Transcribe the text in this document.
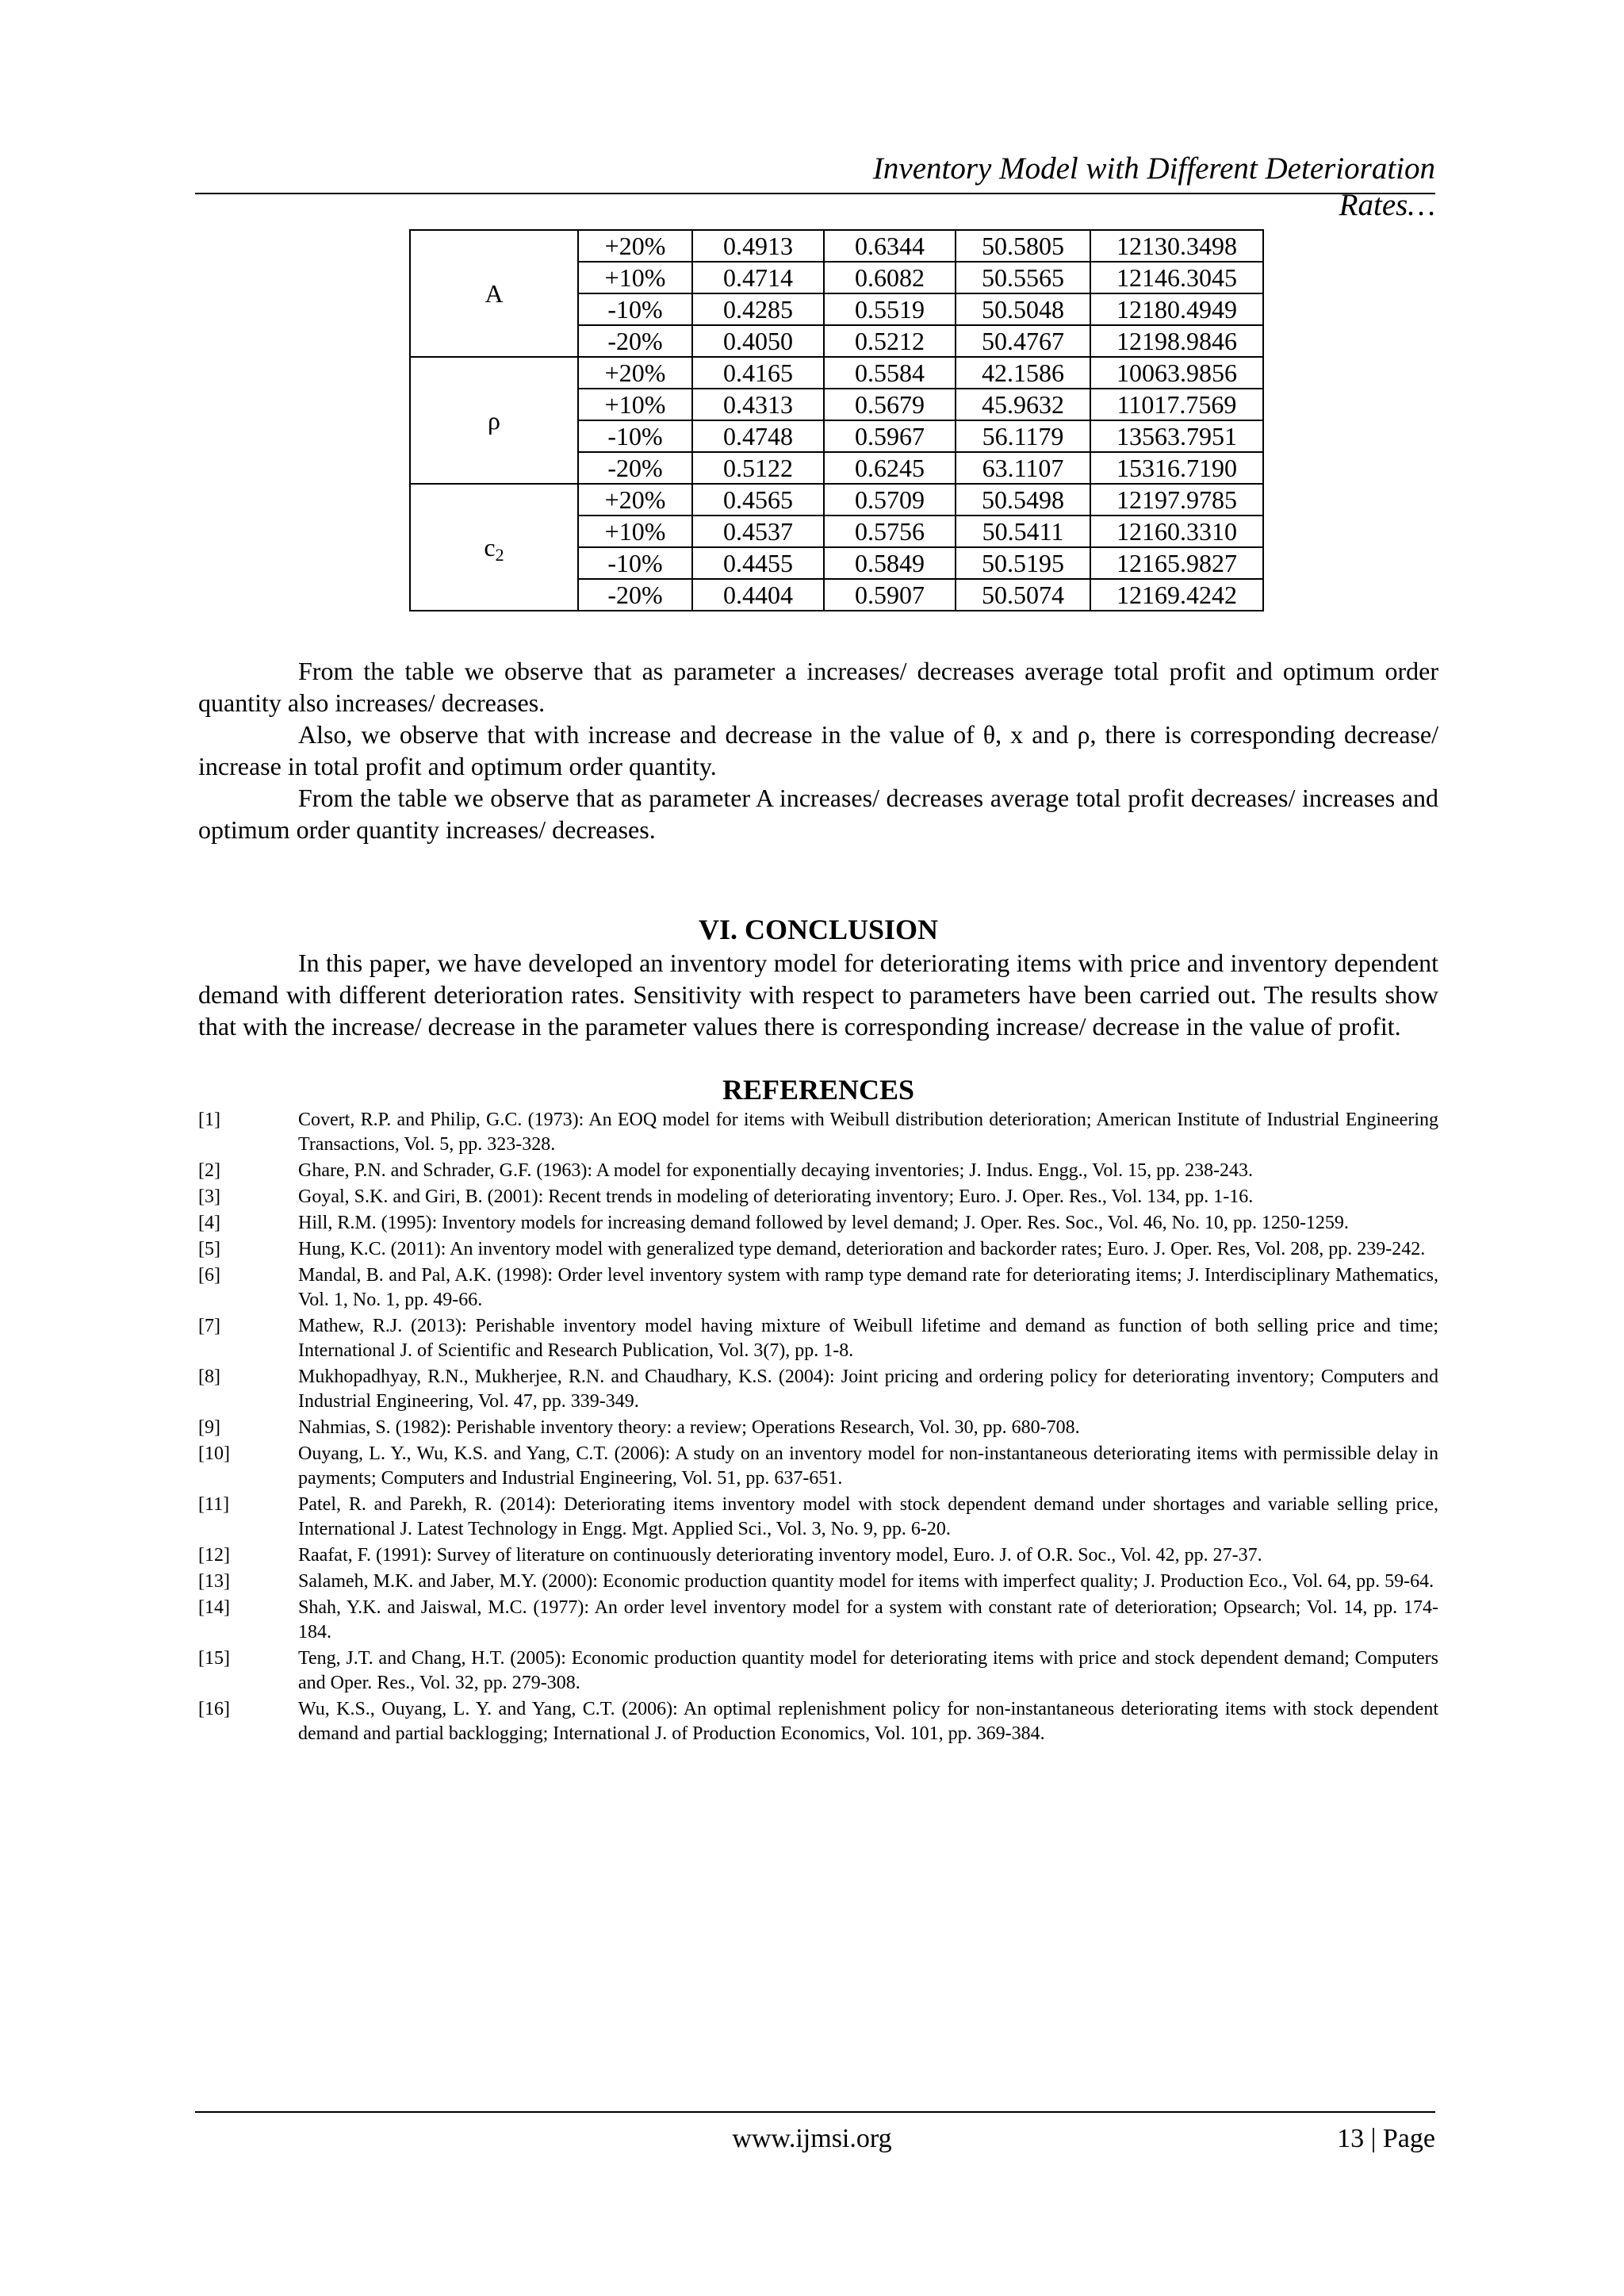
Inventory Model with Different Deterioration Rates…
A	+20%	0.4913	0.6344	50.5805	12130.3498
	+10%	0.4714	0.6082	50.5565	12146.3045
	-10%	0.4285	0.5519	50.5048	12180.4949
	-20%	0.4050	0.5212	50.4767	12198.9846
ρ	+20%	0.4165	0.5584	42.1586	10063.9856
	+10%	0.4313	0.5679	45.9632	11017.7569
	-10%	0.4748	0.5967	56.1179	13563.7951
	-20%	0.5122	0.6245	63.1107	15316.7190
$c_2$	+20%	0.4565	0.5709	50.5498	12197.9785
	+10%	0.4537	0.5756	50.5411	12160.3310
	-10%	0.4455	0.5849	50.5195	12165.9827
	-20%	0.4404	0.5907	50.5074	12169.4242

From the table we observe that as parameter a increases/ decreases average total profit and optimum order quantity also increases/ decreases.

Also, we observe that with increase and decrease in the value of θ, x and ρ, there is corresponding decrease/ increase in total profit and optimum order quantity.

From the table we observe that as parameter A increases/ decreases average total profit decreases/ increases and optimum order quantity increases/ decreases.

VI. CONCLUSION

In this paper, we have developed an inventory model for deteriorating items with price and inventory dependent demand with different deterioration rates. Sensitivity with respect to parameters have been carried out. The results show that with the increase/ decrease in the parameter values there is corresponding increase/ decrease in the value of profit.

REFERENCES
[1]	Covert, R.P. and Philip, G.C. (1973): An EOQ model for items with Weibull distribution deterioration; American Institute of Industrial Engineering Transactions, Vol. 5, pp. 323-328.
[2]	Ghare, P.N. and Schrader, G.F. (1963): A model for exponentially decaying inventories; J. Indus. Engg., Vol. 15, pp. 238-243.
[3]	Goyal, S.K. and Giri, B. (2001): Recent trends in modeling of deteriorating inventory; Euro. J. Oper. Res., Vol. 134, pp. 1-16.
[4]	Hill, R.M. (1995): Inventory models for increasing demand followed by level demand; J. Oper. Res. Soc., Vol. 46, No. 10, pp. 1250-1259.
[5]	Hung, K.C. (2011): An inventory model with generalized type demand, deterioration and backorder rates; Euro. J. Oper. Res, Vol. 208, pp. 239-242.
[6]	Mandal, B. and Pal, A.K. (1998): Order level inventory system with ramp type demand rate for deteriorating items; J. Interdisciplinary Mathematics, Vol. 1, No. 1, pp. 49-66.
[7]	Mathew, R.J. (2013): Perishable inventory model having mixture of Weibull lifetime and demand as function of both selling price and time; International J. of Scientific and Research Publication, Vol. 3(7), pp. 1-8.
[8]	Mukhopadhyay, R.N., Mukherjee, R.N. and Chaudhary, K.S. (2004): Joint pricing and ordering policy for deteriorating inventory; Computers and Industrial Engineering, Vol. 47, pp. 339-349.
[9]	Nahmias, S. (1982): Perishable inventory theory: a review; Operations Research, Vol. 30, pp. 680-708.
[10]	Ouyang, L. Y., Wu, K.S. and Yang, C.T. (2006): A study on an inventory model for non-instantaneous deteriorating items with permissible delay in payments; Computers and Industrial Engineering, Vol. 51, pp. 637-651.
[11]	Patel, R. and Parekh, R. (2014): Deteriorating items inventory model with stock dependent demand under shortages and variable selling price, International J. Latest Technology in Engg. Mgt. Applied Sci., Vol. 3, No. 9, pp. 6-20.
[12]	Raafat, F. (1991): Survey of literature on continuously deteriorating inventory model, Euro. J. of O.R. Soc., Vol. 42, pp. 27-37.
[13]	Salameh, M.K. and Jaber, M.Y. (2000): Economic production quantity model for items with imperfect quality; J. Production Eco., Vol. 64, pp. 59-64.
[14]	Shah, Y.K. and Jaiswal, M.C. (1977): An order level inventory model for a system with constant rate of deterioration; Opsearch; Vol. 14, pp. 174-184.
[15]	Teng, J.T. and Chang, H.T. (2005): Economic production quantity model for deteriorating items with price and stock dependent demand; Computers and Oper. Res., Vol. 32, pp. 279-308.
[16]	Wu, K.S., Ouyang, L. Y. and Yang, C.T. (2006): An optimal replenishment policy for non-instantaneous deteriorating items with stock dependent demand and partial backlogging; International J. of Production Economics, Vol. 101, pp. 369-384.
www.ijmsi.org	13 | Page
